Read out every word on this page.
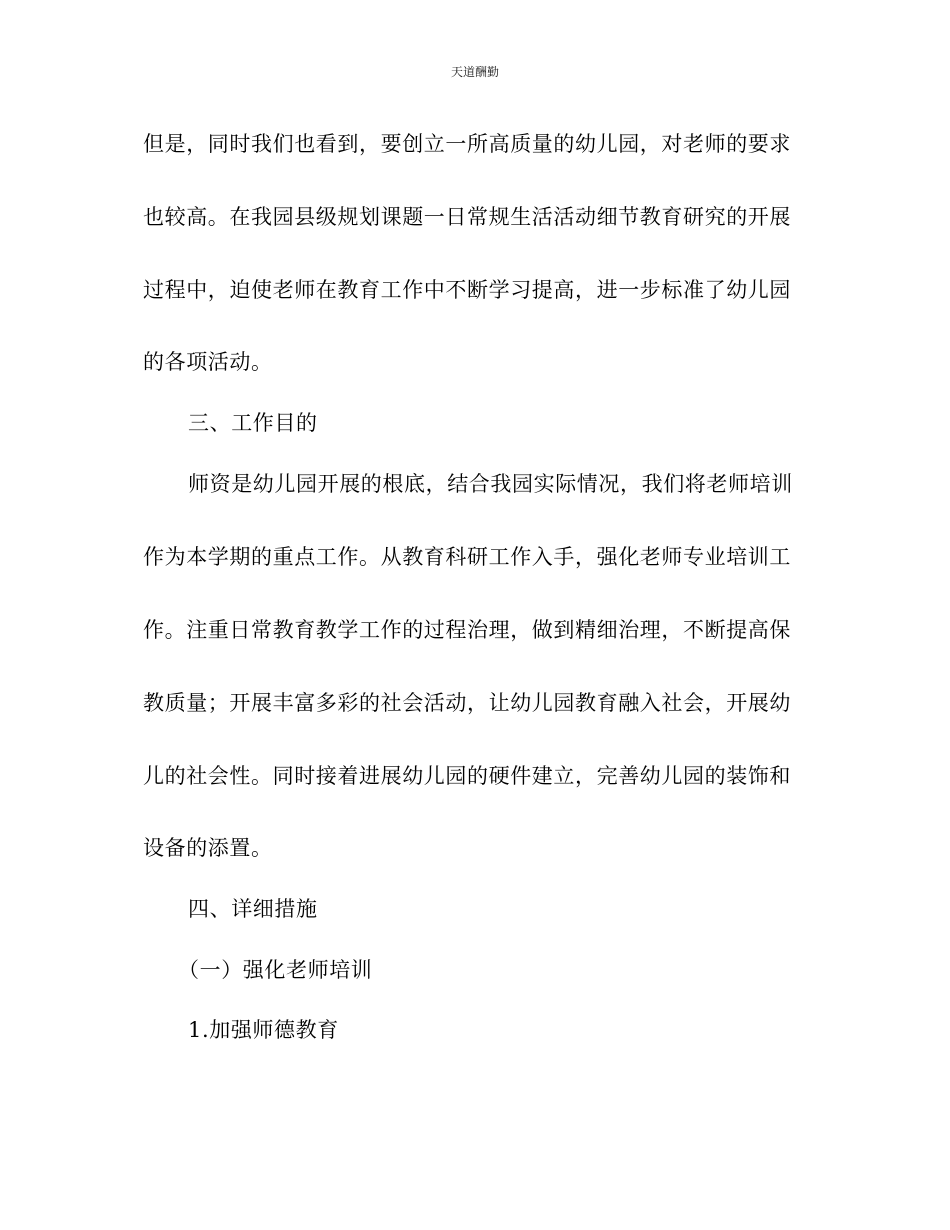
天道酬勤
但是，同时我们也看到，要创立一所高质量的幼儿园，对老师的要求
也较高。在我园县级规划课题一日常规生活活动细节教育研究的开展
过程中，迫使老师在教育工作中不断学习提高，进一步标准了幼儿园
的各项活动。
三、工作目的
师资是幼儿园开展的根底，结合我园实际情况，我们将老师培训
作为本学期的重点工作。从教育科研工作入手，强化老师专业培训工
作。注重日常教育教学工作的过程治理，做到精细治理，不断提高保
教质量；开展丰富多彩的社会活动，让幼儿园教育融入社会，开展幼
儿的社会性。同时接着进展幼儿园的硬件建立，完善幼儿园的装饰和
设备的添置。
四、详细措施
（一）强化老师培训
1.加强师德教育
